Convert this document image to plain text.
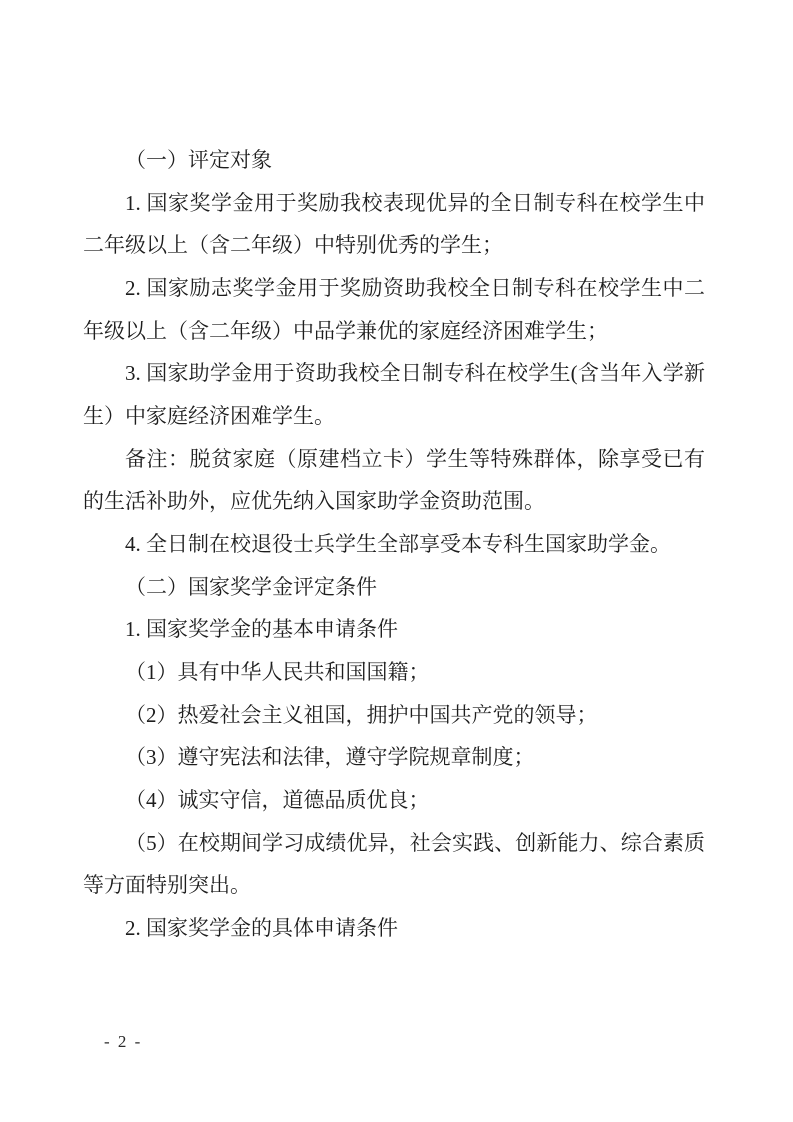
（一）评定对象

1. 国家奖学金用于奖励我校表现优异的全日制专科在校学生中二年级以上（含二年级）中特别优秀的学生；

2. 国家励志奖学金用于奖励资助我校全日制专科在校学生中二年级以上（含二年级）中品学兼优的家庭经济困难学生；

3. 国家助学金用于资助我校全日制专科在校学生(含当年入学新生）中家庭经济困难学生。

备注：脱贫家庭（原建档立卡）学生等特殊群体，除享受已有的生活补助外，应优先纳入国家助学金资助范围。

4. 全日制在校退役士兵学生全部享受本专科生国家助学金。

（二）国家奖学金评定条件

1. 国家奖学金的基本申请条件

（1）具有中华人民共和国国籍；

（2）热爱社会主义祖国，拥护中国共产党的领导；

（3）遵守宪法和法律，遵守学院规章制度；

（4）诚实守信，道德品质优良；

（5）在校期间学习成绩优异，社会实践、创新能力、综合素质等方面特别突出。

2. 国家奖学金的具体申请条件

- 2 -
